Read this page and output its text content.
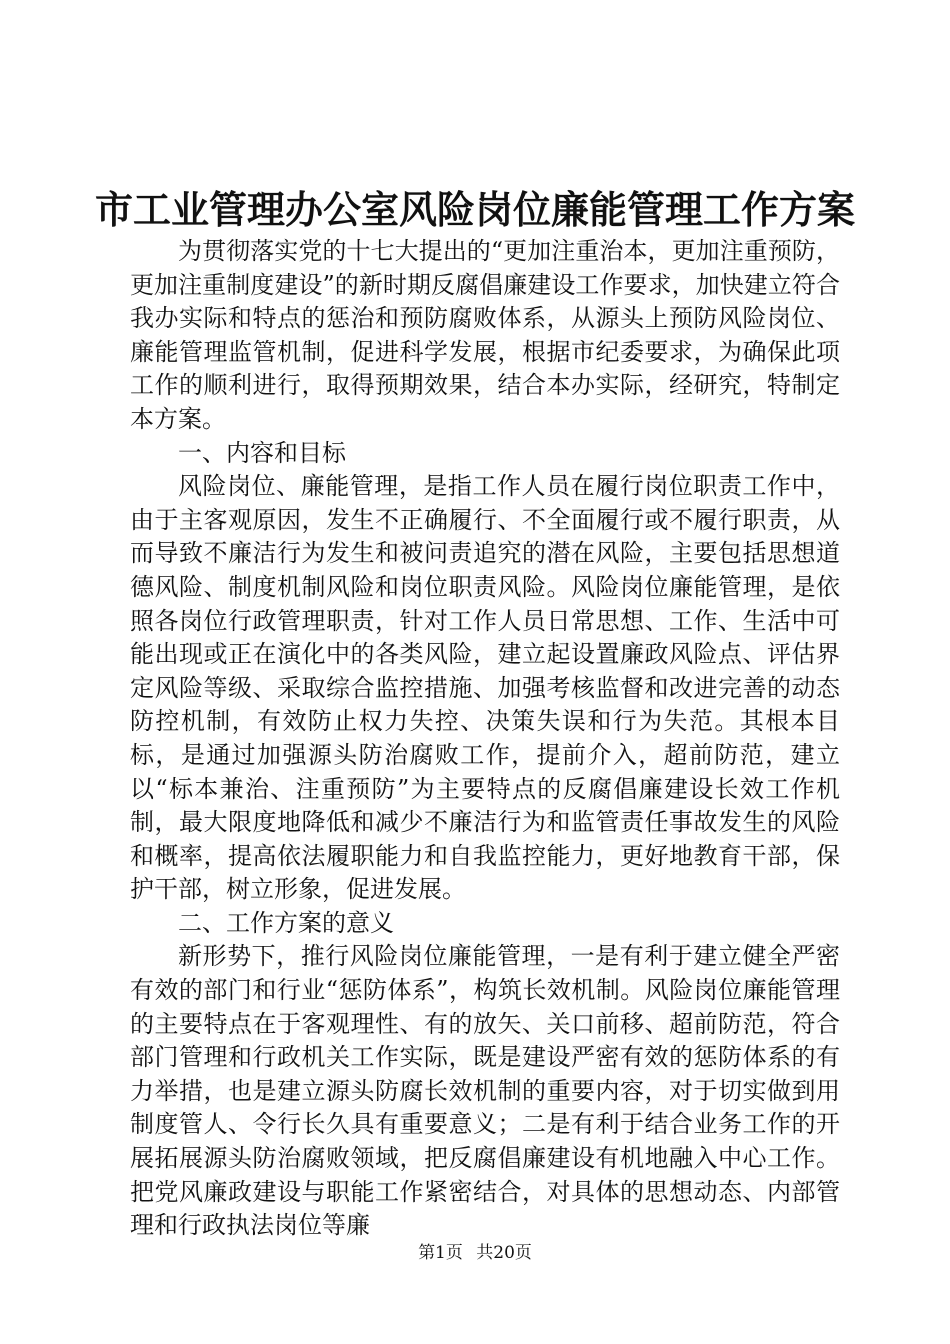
市工业管理办公室风险岗位廉能管理工作方案

为贯彻落实党的十七大提出的“更加注重治本，更加注重预防，更加注重制度建设”的新时期反腐倡廉建设工作要求，加快建立符合我办实际和特点的惩治和预防腐败体系，从源头上预防风险岗位、廉能管理监管机制，促进科学发展，根据市纪委要求，为确保此项工作的顺利进行，取得预期效果，结合本办实际，经研究，特制定本方案。

一、内容和目标

风险岗位、廉能管理，是指工作人员在履行岗位职责工作中，由于主客观原因，发生不正确履行、不全面履行或不履行职责，从而导致不廉洁行为发生和被问责追究的潜在风险，主要包括思想道德风险、制度机制风险和岗位职责风险。风险岗位廉能管理，是依照各岗位行政管理职责，针对工作人员日常思想、工作、生活中可能出现或正在演化中的各类风险，建立起设置廉政风险点、评估界定风险等级、采取综合监控措施、加强考核监督和改进完善的动态防控机制，有效防止权力失控、决策失误和行为失范。其根本目标，是通过加强源头防治腐败工作，提前介入，超前防范，建立以“标本兼治、注重预防”为主要特点的反腐倡廉建设长效工作机制，最大限度地降低和减少不廉洁行为和监管责任事故发生的风险和概率，提高依法履职能力和自我监控能力，更好地教育干部，保护干部，树立形象，促进发展。

二、工作方案的意义

新形势下，推行风险岗位廉能管理，一是有利于建立健全严密有效的部门和行业“惩防体系”，构筑长效机制。风险岗位廉能管理的主要特点在于客观理性、有的放矢、关口前移、超前防范，符合部门管理和行政机关工作实际，既是建设严密有效的惩防体系的有力举措，也是建立源头防腐长效机制的重要内容，对于切实做到用制度管人、令行长久具有重要意义；二是有利于结合业务工作的开展拓展源头防治腐败领域，把反腐倡廉建设有机地融入中心工作。把党风廉政建设与职能工作紧密结合，对具体的思想动态、内部管理和行政执法岗位等廉

第1页 共20页
